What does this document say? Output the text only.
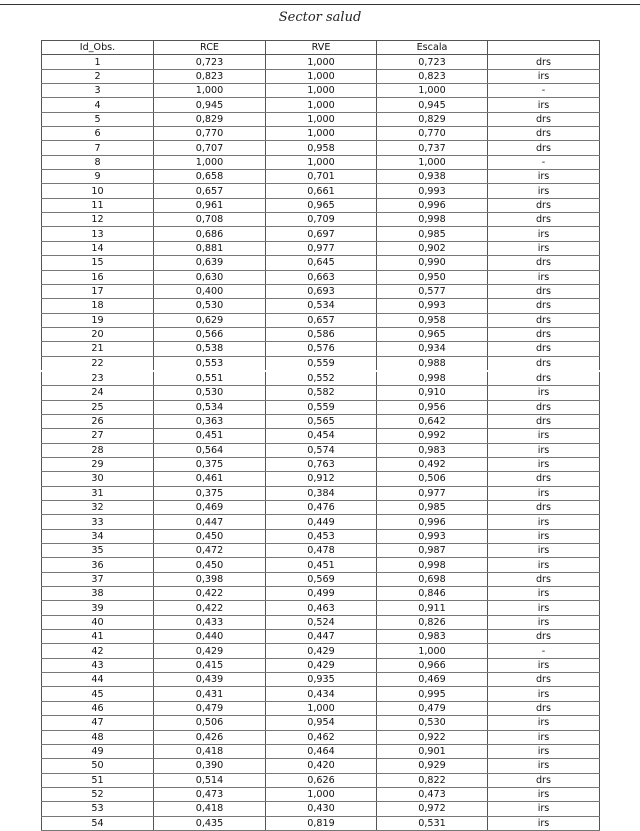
Sector salud
Id_Obs.	RCE	RVE	Escala	
1	0,723	1,000	0,723	drs
2	0,823	1,000	0,823	irs
3	1,000	1,000	1,000	-
4	0,945	1,000	0,945	irs
5	0,829	1,000	0,829	drs
6	0,770	1,000	0,770	drs
7	0,707	0,958	0,737	drs
8	1,000	1,000	1,000	-
9	0,658	0,701	0,938	irs
10	0,657	0,661	0,993	irs
11	0,961	0,965	0,996	drs
12	0,708	0,709	0,998	drs
13	0,686	0,697	0,985	irs
14	0,881	0,977	0,902	irs
15	0,639	0,645	0,990	drs
16	0,630	0,663	0,950	irs
17	0,400	0,693	0,577	drs
18	0,530	0,534	0,993	drs
19	0,629	0,657	0,958	drs
20	0,566	0,586	0,965	drs
21	0,538	0,576	0,934	drs
22	0,553	0,559	0,988	drs
23	0,551	0,552	0,998	drs
24	0,530	0,582	0,910	irs
25	0,534	0,559	0,956	drs
26	0,363	0,565	0,642	drs
27	0,451	0,454	0,992	irs
28	0,564	0,574	0,983	irs
29	0,375	0,763	0,492	irs
30	0,461	0,912	0,506	drs
31	0,375	0,384	0,977	irs
32	0,469	0,476	0,985	drs
33	0,447	0,449	0,996	irs
34	0,450	0,453	0,993	irs
35	0,472	0,478	0,987	irs
36	0,450	0,451	0,998	irs
37	0,398	0,569	0,698	drs
38	0,422	0,499	0,846	irs
39	0,422	0,463	0,911	irs
40	0,433	0,524	0,826	irs
41	0,440	0,447	0,983	drs
42	0,429	0,429	1,000	-
43	0,415	0,429	0,966	irs
44	0,439	0,935	0,469	drs
45	0,431	0,434	0,995	irs
46	0,479	1,000	0,479	drs
47	0,506	0,954	0,530	irs
48	0,426	0,462	0,922	irs
49	0,418	0,464	0,901	irs
50	0,390	0,420	0,929	irs
51	0,514	0,626	0,822	drs
52	0,473	1,000	0,473	irs
53	0,418	0,430	0,972	irs
54	0,435	0,819	0,531	irs
